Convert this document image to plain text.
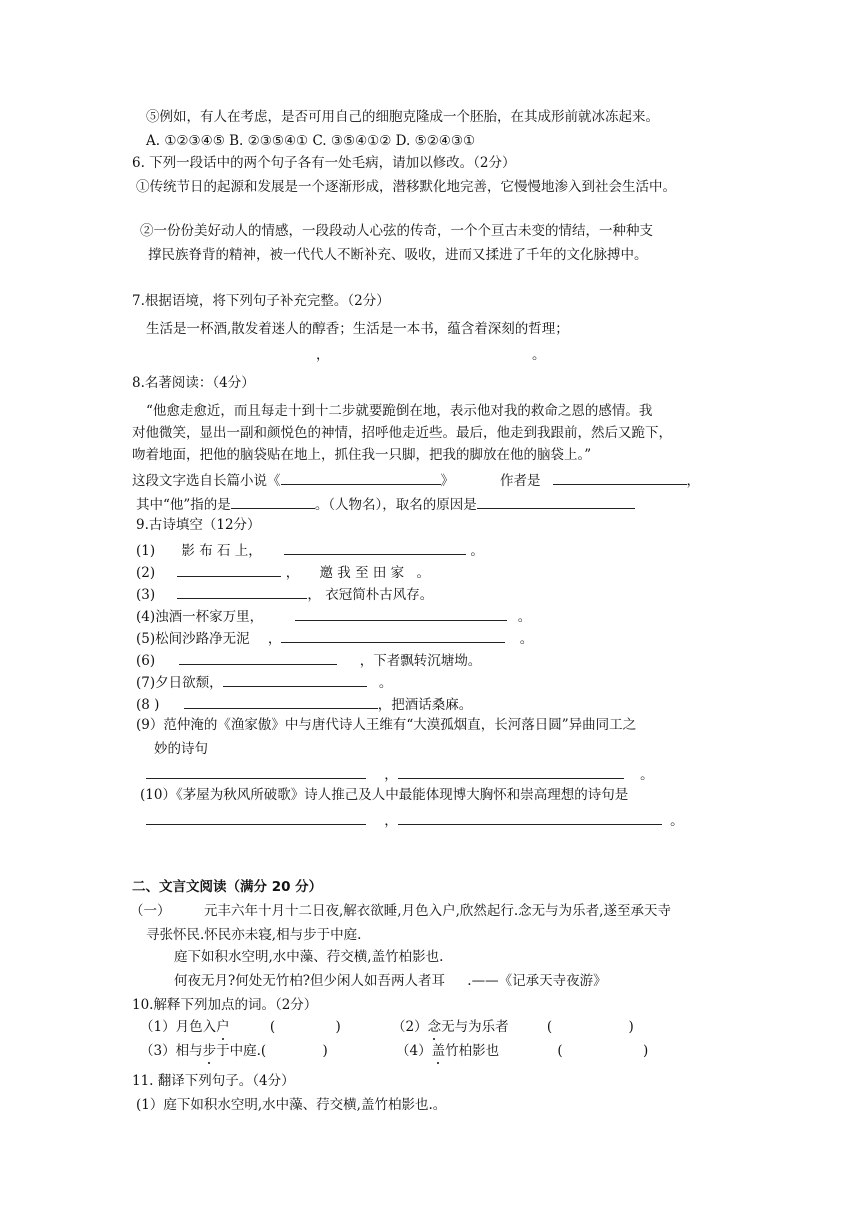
⑤例如，有人在考虑，是否可用自己的细胞克隆成一个胚胎，在其成形前就冰冻起来。
A. ①②③④⑤ B. ②③⑤④① C. ③⑤④①② D. ⑤②④③①
6. 下列一段话中的两个句子各有一处毛病，请加以修改。（2分）
①传统节日的起源和发展是一个逐渐形成，潜移默化地完善，它慢慢地渗入到社会生活中。
②一份份美好动人的情感，一段段动人心弦的传奇，一个个亘古未变的情结，一种种支
撑民族脊背的精神，被一代代人不断补充、吸收，进而又揉进了千年的文化脉搏中。
7.根据语境，将下列句子补充完整。（2分）
生活是一杯酒,散发着迷人的醇香；生活是一本书，蕴含着深刻的哲理；
，	。
8.名著阅读：（4分）
“他愈走愈近，而且每走十到十二步就要跪倒在地，表示他对我的救命之恩的感情。我
对他微笑，显出一副和颜悦色的神情，招呼他走近些。最后，他走到我跟前，然后又跪下，
吻着地面，把他的脑袋贴在地上，抓住我一只脚，把我的脚放在他的脑袋上。”
这段文字选自长篇小说《	》	作者是	，
其中“他”指的是	。（人物名），取名的原因是
9.古诗填空（12分）
(1) 影 布 石 上，	。
(2)	， 邀 我 至 田 家 。
(3)	， 衣冠简朴古风存。
(4)浊酒一杯家万里，	。
(5)松间沙路净无泥 ，	。
(6)	，下者飘转沉塘坳。
(7)夕日欲颓，	。
(8 )	，把酒话桑麻。
(9）范仲淹的《渔家傲》中与唐代诗人王维有“大漠孤烟直，长河落日圆”异曲同工之
妙的诗句
，	。
(10）《茅屋为秋风所破歌》诗人推己及人中最能体现博大胸怀和崇高理想的诗句是
，	。
二、文言文阅读（满分 20 分）
（一） 元丰六年十月十二日夜,解衣欲睡,月色入户,欣然起行.念无与为乐者,遂至承天寺
寻张怀民.怀民亦未寝,相与步于中庭.
庭下如积水空明,水中藻、荇交横,盖竹柏影也.
何夜无月?何处无竹柏?但少闲人如吾两人者耳 .——《记承天寺夜游》
10.解释下列加点的词。（2分）
（1）月色入户	(	)	（2）念无与为乐者	(	)
（3）相与步于中庭.(	)	（4）盖竹柏影也	(	)
11. 翻译下列句子。（4分）
(1）庭下如积水空明,水中藻、荇交横,盖竹柏影也.。
